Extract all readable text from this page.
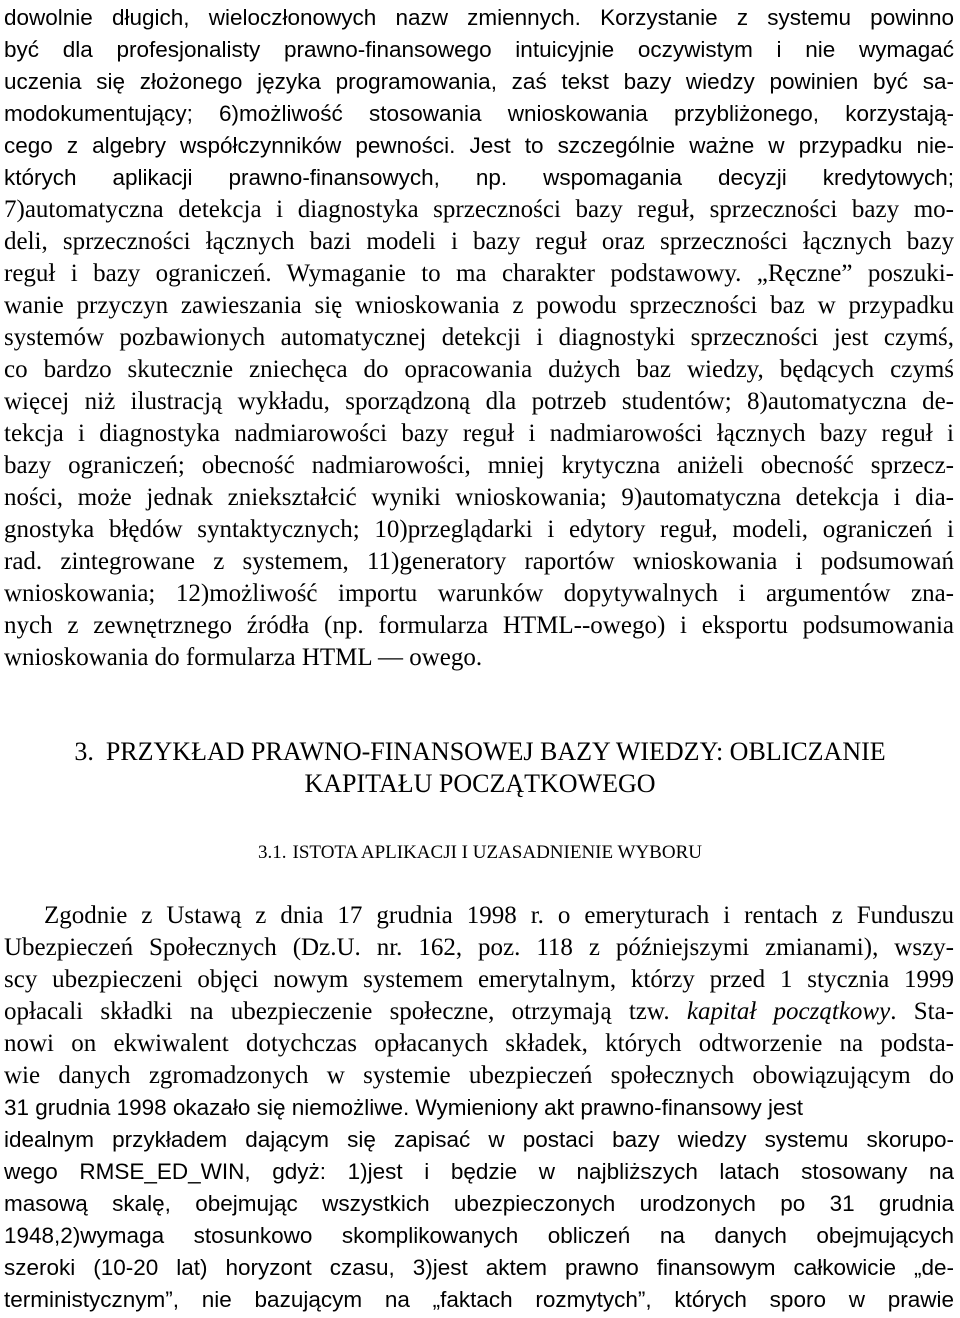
dowolnie długich, wieloczłonowych nazw zmiennych. Korzystanie z systemu powinno
być dla profesjonalisty prawno-finansowego intuicyjnie oczywistym i nie wymagać
uczenia się złożonego języka programowania, zaś tekst bazy wiedzy powinien być sa-
modokumentujący; 6)możliwość stosowania wnioskowania przybliżonego, korzystają-
cego z algebry współczynników pewności. Jest to szczególnie ważne w przypadku nie-
których aplikacji prawno-finansowych, np. wspomagania decyzji kredytowych;
7)automatyczna detekcja i diagnostyka sprzeczności bazy reguł, sprzeczności bazy mo-
deli, sprzeczności łącznych bazi modeli i bazy reguł oraz sprzeczności łącznych bazy
reguł i bazy ograniczeń. Wymaganie to ma charakter podstawowy. „Ręczne” poszuki-
wanie przyczyn zawieszania się wnioskowania z powodu sprzeczności baz w przypadku
systemów pozbawionych automatycznej detekcji i diagnostyki sprzeczności jest czymś,
co bardzo skutecznie zniechęca do opracowania dużych baz wiedzy, będących czymś
więcej niż ilustracją wykładu, sporządzoną dla potrzeb studentów; 8)automatyczna de-
tekcja i diagnostyka nadmiarowości bazy reguł i nadmiarowości łącznych bazy reguł i
bazy ograniczeń; obecność nadmiarowości, mniej krytyczna aniżeli obecność sprzecz-
ności, może jednak zniekształcić wyniki wnioskowania; 9)automatyczna detekcja i dia-
gnostyka błędów syntaktycznych; 10)przeglądarki i edytory reguł, modeli, ograniczeń i
rad. zintegrowane z systemem, 11)generatory raportów wnioskowania i podsumowań
wnioskowania; 12)możliwość importu warunków dopytywalnych i argumentów zna-
nych z zewnętrznego źródła (np. formularza HTML--owego) i eksportu podsumowania
wnioskowania do formularza HTML — owego.
3. PRZYKŁAD PRAWNO-FINANSOWEJ BAZY WIEDZY: OBLICZANIE
KAPITAŁU POCZĄTKOWEGO
3.1. ISTOTA APLIKACJI I UZASADNIENIE WYBORU
Zgodnie z Ustawą z dnia 17 grudnia 1998 r. o emeryturach i rentach z Funduszu
Ubezpieczeń Społecznych (Dz.U. nr. 162, poz. 118 z późniejszymi zmianami), wszy-
scy ubezpieczeni objęci nowym systemem emerytalnym, którzy przed 1 stycznia 1999
opłacali składki na ubezpieczenie społeczne, otrzymają tzw. kapitał początkowy. Sta-
nowi on ekwiwalent dotychczas opłacanych składek, których odtworzenie na podsta-
wie danych zgromadzonych w systemie ubezpieczeń społecznych obowiązującym do
31 grudnia 1998 okazało się niemożliwe. Wymieniony akt prawno-finansowy jest
idealnym przykładem dającym się zapisać w postaci bazy wiedzy systemu skorupo-
wego RMSE_ED_WIN, gdyż: 1)jest i będzie w najbliższych latach stosowany na
masową skalę, obejmując wszystkich ubezpieczonych urodzonych po 31 grudnia
1948,2)wymaga stosunkowo skomplikowanych obliczeń na danych obejmujących
szeroki (10-20 lat) horyzont czasu, 3)jest aktem prawno finansowym całkowicie „de-
terministycznym”, nie bazującym na „faktach rozmytych”, których sporo w prawie
